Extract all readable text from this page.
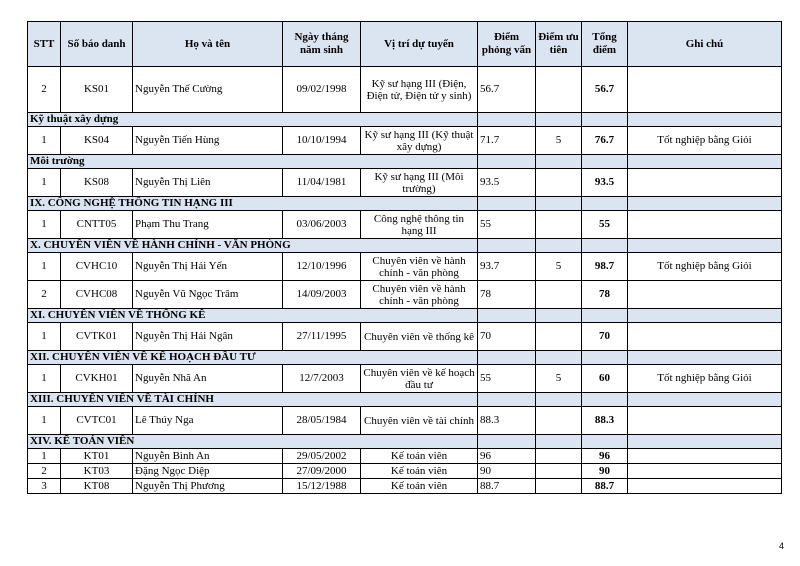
STT	Số báo danh	Họ và tên	Ngày tháng năm sinh	Vị trí dự tuyển	Điểm phỏng vấn	Điểm ưu tiên	Tổng điểm	Ghi chú
2	KS01	Nguyễn Thế Cường	09/02/1998	Kỹ sư hạng III (Điện, Điện tử, Điện tử y sinh)	56.7		56.7	
Kỹ thuật xây dựng								
1	KS04	Nguyễn Tiến Hùng	10/10/1994	Kỹ sư hạng III (Kỹ thuật xây dựng)	71.7	5	76.7	Tốt nghiệp bằng Giỏi
Môi trường								
1	KS08	Nguyễn Thị Liên	11/04/1981	Kỹ sư hạng III (Môi trường)	93.5		93.5	
IX. CÔNG NGHỆ THÔNG TIN HẠNG III								
1	CNTT05	Phạm Thu Trang	03/06/2003	Công nghệ thông tin hạng III	55		55	
X. CHUYÊN VIÊN VỀ HÀNH CHÍNH - VĂN PHÒNG								
1	CVHC10	Nguyễn Thị Hải Yến	12/10/1996	Chuyên viên về hành chính - văn phòng	93.7	5	98.7	Tốt nghiệp bằng Giỏi
2	CVHC08	Nguyễn Vũ Ngọc Trâm	14/09/2003	Chuyên viên về hành chính - văn phòng	78		78	
XI. CHUYÊN VIÊN VỀ THỐNG KÊ								
1	CVTK01	Nguyễn Thị Hải Ngân	27/11/1995	Chuyên viên về thống kê	70		70	
XII. CHUYÊN VIÊN VỀ KẾ HOẠCH ĐẦU TƯ								
1	CVKH01	Nguyễn Nhã An	12/7/2003	Chuyên viên về kế hoạch đầu tư	55	5	60	Tốt nghiệp bằng Giỏi
XIII. CHUYÊN VIÊN VỀ TÀI CHÍNH								
1	CVTC01	Lê Thúy Nga	28/05/1984	Chuyên viên về tài chính	88.3		88.3	
XIV. KẾ TOÁN VIÊN								
1	KT01	Nguyễn Bình An	29/05/2002	Kế toán viên	96		96	
2	KT03	Đặng Ngọc Diệp	27/09/2000	Kế toán viên	90		90	
3	KT08	Nguyễn Thị Phương	15/12/1988	Kế toán viên	88.7		88.7	
4
